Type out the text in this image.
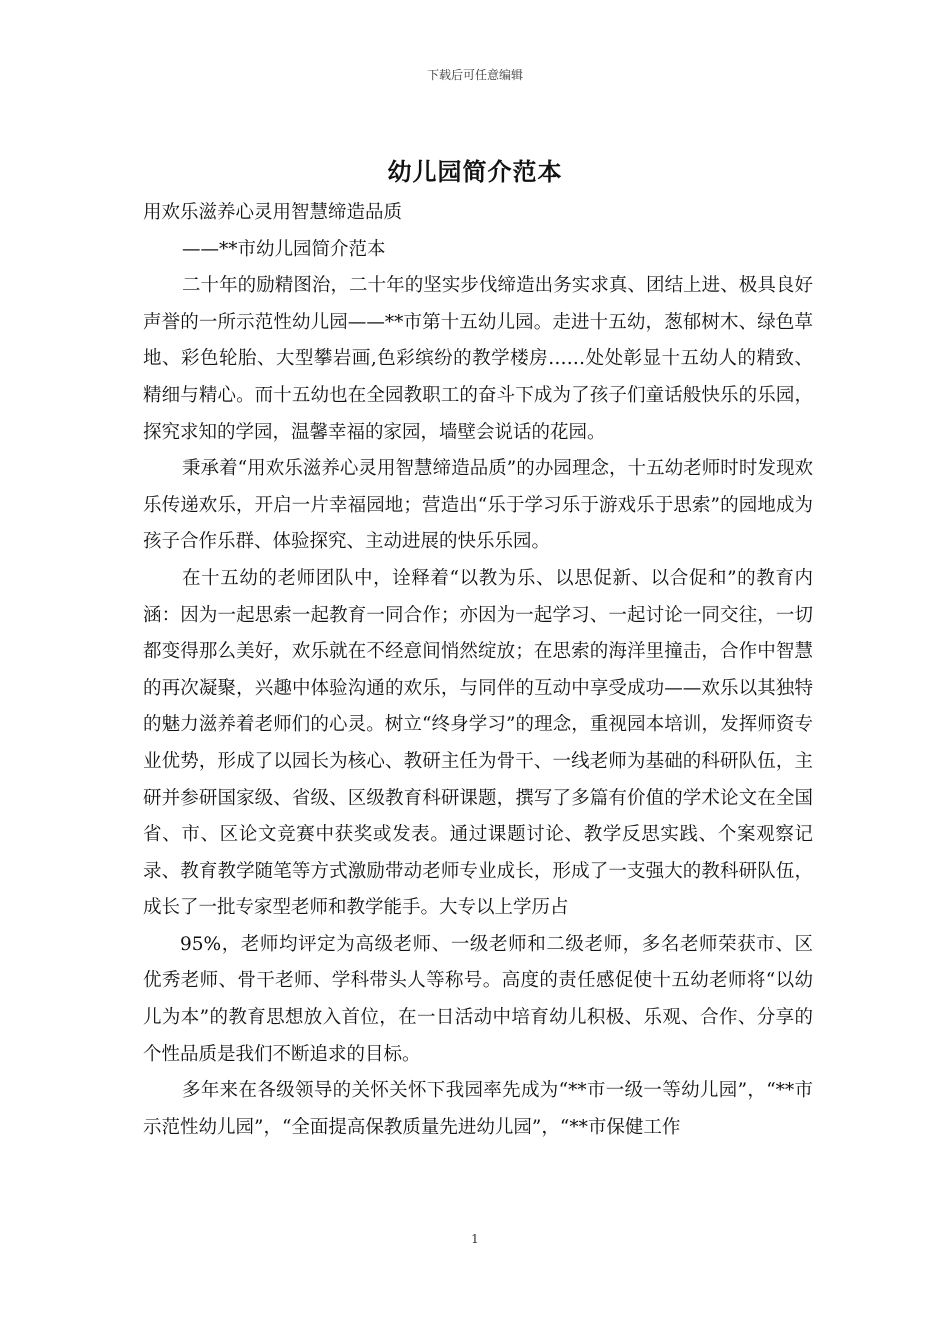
下载后可任意编辑
幼儿园简介范本

用欢乐滋养心灵用智慧缔造品质

——**市幼儿园简介范本

二十年的励精图治，二十年的坚实步伐缔造出务实求真、团结上进、极具良好声誉的一所示范性幼儿园——**市第十五幼儿园。走进十五幼，葱郁树木、绿色草地、彩色轮胎、大型攀岩画,色彩缤纷的教学楼房……处处彰显十五幼人的精致、精细与精心。而十五幼也在全园教职工的奋斗下成为了孩子们童话般快乐的乐园，探究求知的学园，温馨幸福的家园，墙壁会说话的花园。

秉承着“用欢乐滋养心灵用智慧缔造品质”的办园理念，十五幼老师时时发现欢乐传递欢乐，开启一片幸福园地；营造出“乐于学习乐于游戏乐于思索”的园地成为孩子合作乐群、体验探究、主动进展的快乐乐园。

在十五幼的老师团队中，诠释着“以教为乐、以思促新、以合促和”的教育内涵：因为一起思索一起教育一同合作；亦因为一起学习、一起讨论一同交往，一切都变得那么美好，欢乐就在不经意间悄然绽放；在思索的海洋里撞击，合作中智慧的再次凝聚，兴趣中体验沟通的欢乐，与同伴的互动中享受成功——欢乐以其独特的魅力滋养着老师们的心灵。树立“终身学习”的理念，重视园本培训，发挥师资专业优势，形成了以园长为核心、教研主任为骨干、一线老师为基础的科研队伍，主研并参研国家级、省级、区级教育科研课题，撰写了多篇有价值的学术论文在全国省、市、区论文竞赛中获奖或发表。通过课题讨论、教学反思实践、个案观察记录、教育教学随笔等方式激励带动老师专业成长，形成了一支强大的教科研队伍，成长了一批专家型老师和教学能手。大专以上学历占

95%，老师均评定为高级老师、一级老师和二级老师，多名老师荣获市、区优秀老师、骨干老师、学科带头人等称号。高度的责任感促使十五幼老师将“以幼儿为本”的教育思想放入首位，在一日活动中培育幼儿积极、乐观、合作、分享的个性品质是我们不断追求的目标。

多年来在各级领导的关怀关怀下我园率先成为“**市一级一等幼儿园”，“**市示范性幼儿园”，“全面提高保教质量先进幼儿园”，“**市保健工作

1
